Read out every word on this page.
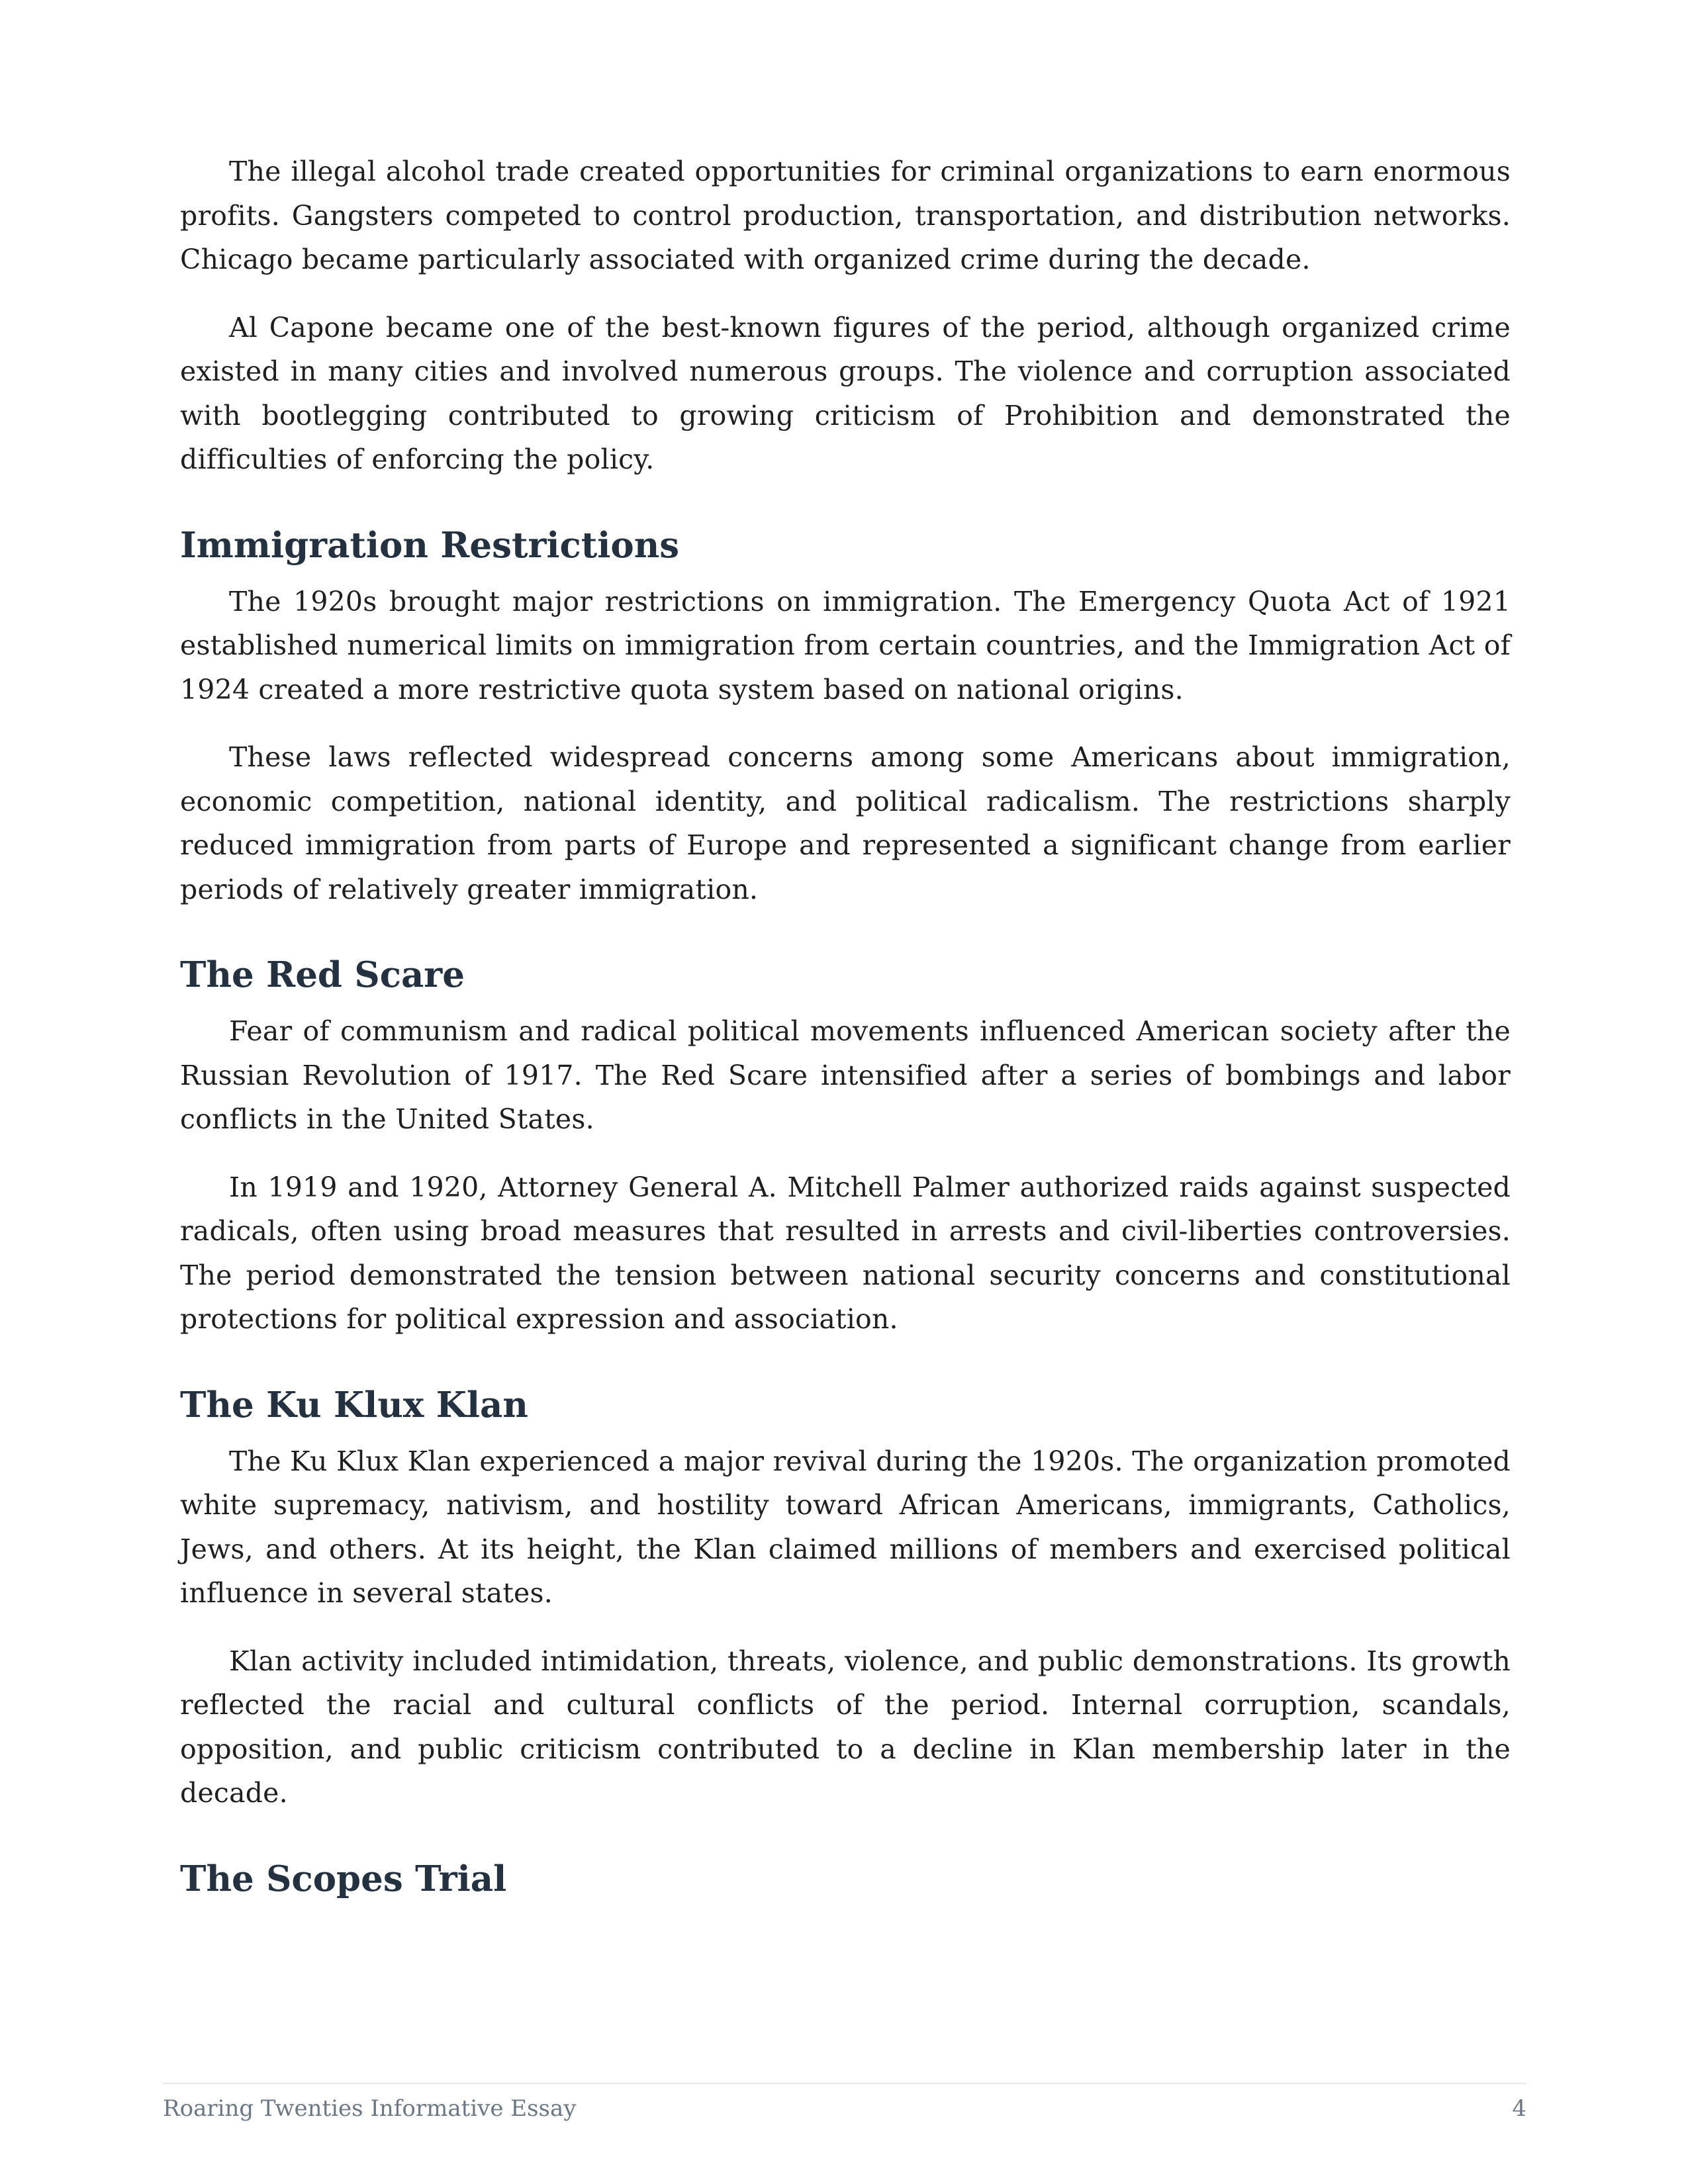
The illegal alcohol trade created opportunities for criminal organizations to earn enormous profits. Gangsters competed to control production, transportation, and distribution networks. Chicago became particularly associated with organized crime during the decade.

Al Capone became one of the best-known figures of the period, although organized crime existed in many cities and involved numerous groups. The violence and corruption associated with bootlegging contributed to growing criticism of Prohibition and demonstrated the difficulties of enforcing the policy.

Immigration Restrictions

The 1920s brought major restrictions on immigration. The Emergency Quota Act of 1921 established numerical limits on immigration from certain countries, and the Immigration Act of 1924 created a more restrictive quota system based on national origins.

These laws reflected widespread concerns among some Americans about immigration, economic competition, national identity, and political radicalism. The restrictions sharply reduced immigration from parts of Europe and represented a significant change from earlier periods of relatively greater immigration.

The Red Scare

Fear of communism and radical political movements influenced American society after the Russian Revolution of 1917. The Red Scare intensified after a series of bombings and labor conflicts in the United States.

In 1919 and 1920, Attorney General A. Mitchell Palmer authorized raids against suspected radicals, often using broad measures that resulted in arrests and civil-liberties controversies. The period demonstrated the tension between national security concerns and constitutional protections for political expression and association.

The Ku Klux Klan

The Ku Klux Klan experienced a major revival during the 1920s. The organization promoted white supremacy, nativism, and hostility toward African Americans, immigrants, Catholics, Jews, and others. At its height, the Klan claimed millions of members and exercised political influence in several states.

Klan activity included intimidation, threats, violence, and public demonstrations. Its growth reflected the racial and cultural conflicts of the period. Internal corruption, scandals, opposition, and public criticism contributed to a decline in Klan membership later in the decade.

The Scopes Trial
Roaring Twenties Informative Essay	4
